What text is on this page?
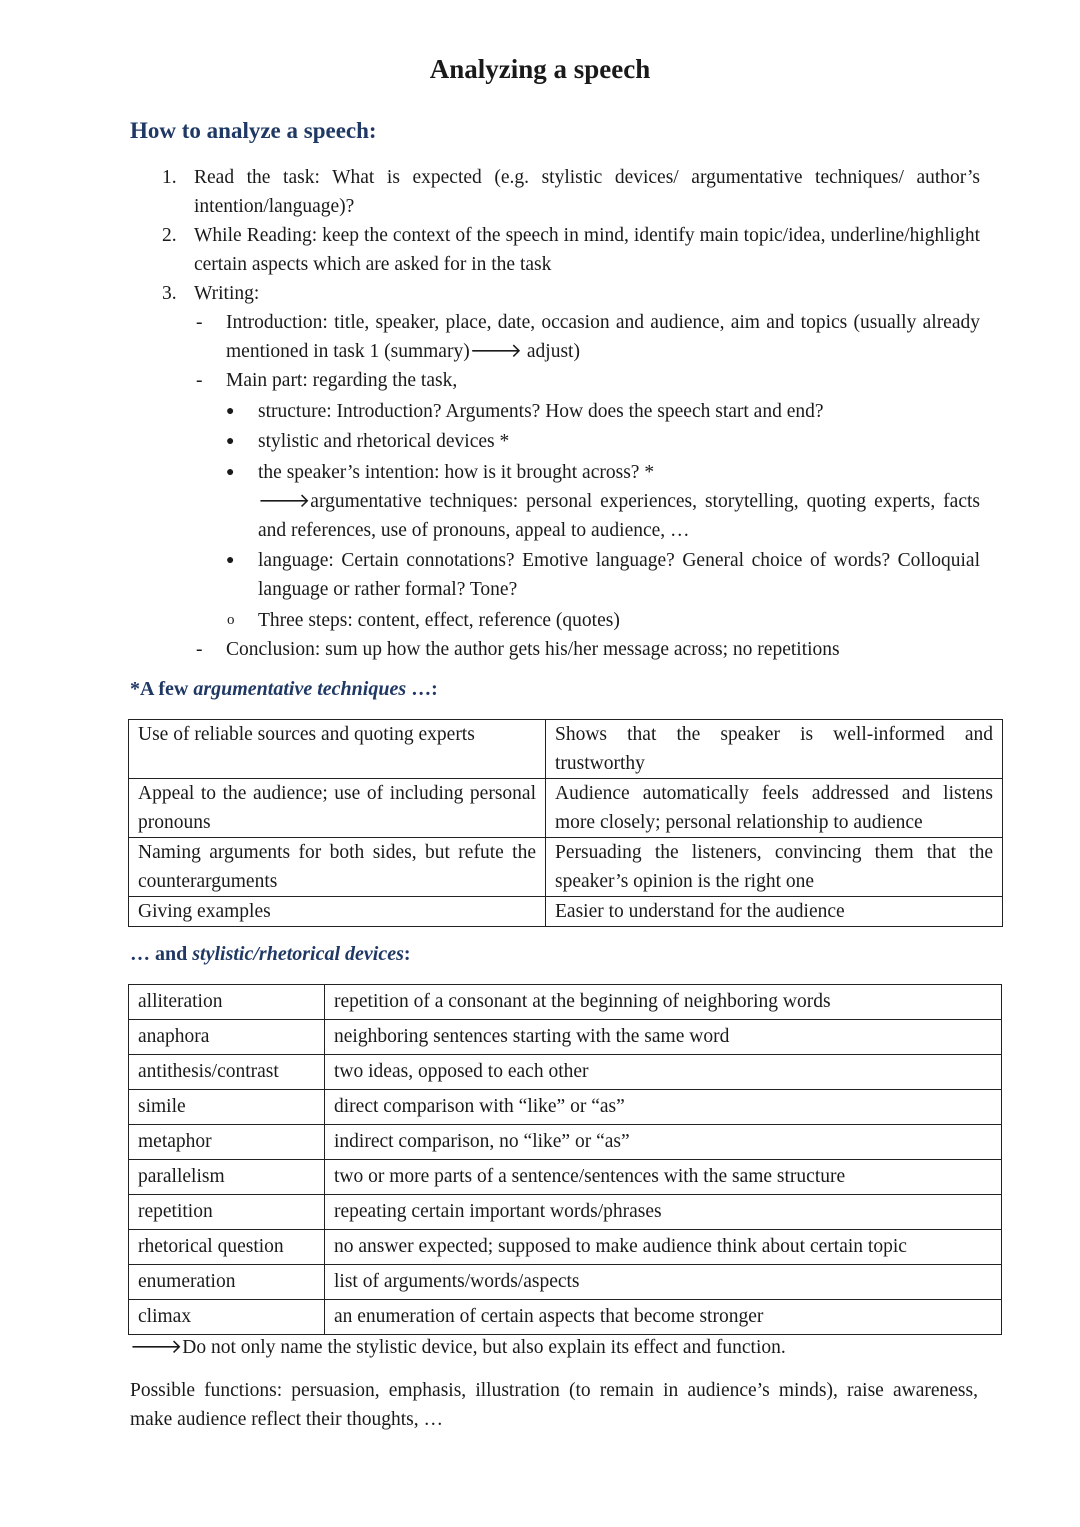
Analyzing a speech
How to analyze a speech:
1. Read the task: What is expected (e.g. stylistic devices/ argumentative techniques/ author’s intention/language)?
2. While Reading: keep the context of the speech in mind, identify main topic/idea, underline/highlight certain aspects which are asked for in the task
3. Writing:
- Introduction: title, speaker, place, date, occasion and audience, aim and topics (usually already mentioned in task 1 (summary)🡒 adjust)
- Main part: regarding the task,
● structure: Introduction? Arguments? How does the speech start and end?
● stylistic and rhetorical devices *
● the speaker’s intention: how is it brought across? *
🡒argumentative techniques: personal experiences, storytelling, quoting experts, facts and references, use of pronouns, appeal to audience, …
● language: Certain connotations? Emotive language? General choice of words? Colloquial language or rather formal? Tone?
o Three steps: content, effect, reference (quotes)
- Conclusion: sum up how the author gets his/her message across; no repetitions
*A few argumentative techniques …:
Use of reliable sources and quoting experts	Shows that the speaker is well-informed and trustworthy
Appeal to the audience; use of including personal pronouns	Audience automatically feels addressed and listens more closely; personal relationship to audience
Naming arguments for both sides, but refute the counterarguments	Persuading the listeners, convincing them that the speaker’s opinion is the right one
Giving examples	Easier to understand for the audience
… and stylistic/rhetorical devices:
alliteration	repetition of a consonant at the beginning of neighboring words
anaphora	neighboring sentences starting with the same word
antithesis/contrast	two ideas, opposed to each other
simile	direct comparison with “like” or “as”
metaphor	indirect comparison, no “like” or “as”
parallelism	two or more parts of a sentence/sentences with the same structure
repetition	repeating certain important words/phrases
rhetorical question	no answer expected; supposed to make audience think about certain topic
enumeration	list of arguments/words/aspects
climax	an enumeration of certain aspects that become stronger
🡒Do not only name the stylistic device, but also explain its effect and function.
Possible functions: persuasion, emphasis, illustration (to remain in audience’s minds), raise awareness, make audience reflect their thoughts, …
